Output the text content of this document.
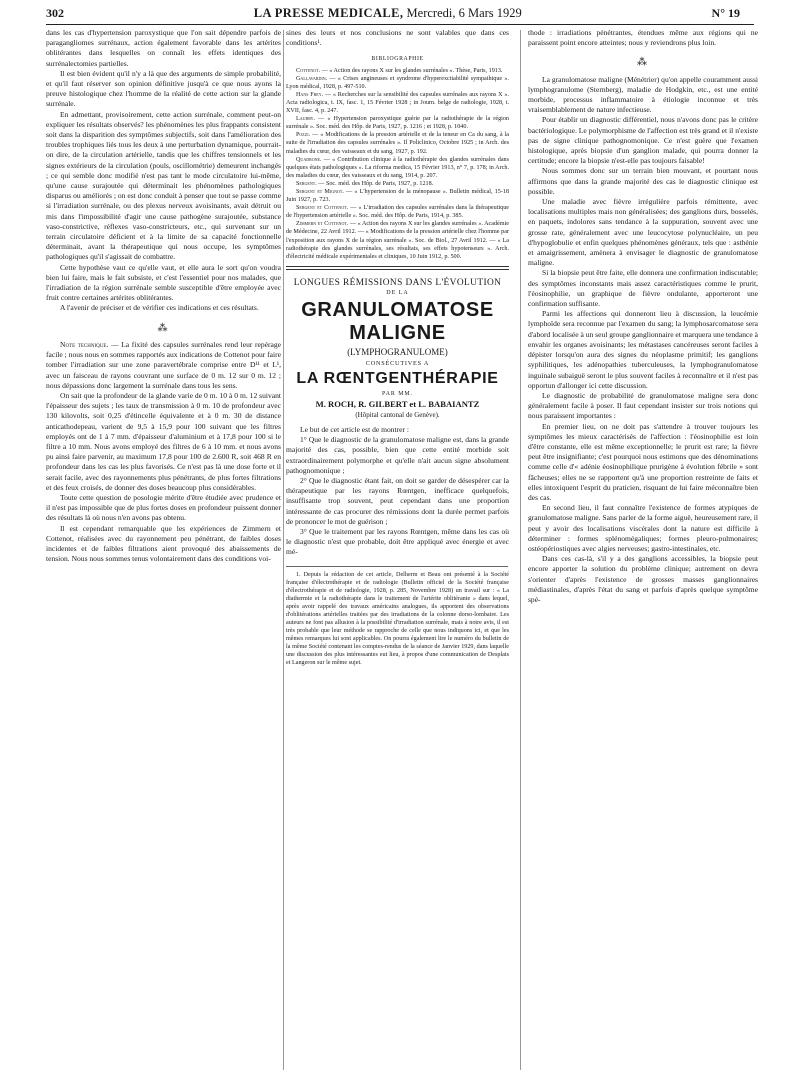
302	LA PRESSE MEDICALE, Mercredi, 6 Mars 1929	N° 19

dans les cas d'hypertension paroxystique que l'on sait dépendre parfois de paragangliomes surrénaux, action également favorable dans les artérites oblitérantes dans lesquelles on connaît les effets identiques des surrénalectomies partielles.

Il est bien évident qu'il n'y a là que des arguments de simple probabilité, et qu'il faut réserver son opinion définitive jusqu'à ce que nous ayons la preuve histologique chez l'homme de la réalité de cette action sur la glande surrénale.

En admettant, provisoirement, cette action surrénale, comment peut-on expliquer les résultats observés? les phénomènes les plus frappants consistent soit dans la disparition des symptômes subjectifs, soit dans l'amélioration des troubles trophiques liés tous les deux à une perturbation dynamique, pourrait-on dire, de la circulation artérielle, tandis que les chiffres tensionnels et les signes extérieurs de la circulation (pouls, oscillométrie) demeurent inchangés ; ce qui semble donc modifié n'est pas tant le mode circulatoire lui-même, qu'une cause surajoutée qui déterminait les phénomènes pathologiques disparus ou améliorés ; on est donc conduit à penser que tout se passe comme si l'irradiation surrénale, ou des plexus nerveux avoisinants, avait détruit ou mis dans l'impossibilité d'agir une cause pathogène surajoutée, substance vaso-constrictive, réflexes vaso-constricteurs, etc., qui survenant sur un terrain circulatoire déficient et à la limite de sa capacité fonctionnelle déterminait, avant la thérapeutique qui nous occupe, les symptômes pathologiques qu'il s'agissait de combattre.

Cette hypothèse vaut ce qu'elle vaut, et elle aura le sort qu'on voudra bien lui faire, mais le fait subsiste, et c'est l'essentiel pour nos malades, que l'irradiation de la région surrénale semble susceptible d'être employée avec fruit contre certaines artérites oblitérantes.

A l'avenir de préciser et de vérifier ces indications et ces résultats.

⁂

Note technique. — La fixité des capsules surrénales rend leur repérage facile ; nous nous en sommes rapportés aux indications de Cottenot pour faire tomber l'irradiation sur une zone paravertébrale comprise entre D¹¹ et L¹, avec un faisceau de rayons couvrant une surface de 0 m. 12 sur 0 m. 12 ; nous dépassions donc largement la surrénale dans tous les sens.

On sait que la profondeur de la glande varie de 0 m. 10 à 0 m. 12 suivant l'épaisseur des sujets ; les taux de transmission à 0 m. 10 de profondeur avec 130 kilovolts, soit 0,25 d'étincelle équivalente et à 0 m. 30 de distance anticathodepeau, varient de 9,5 à 15,9 pour 100 suivant que les filtres employés ont de 1 à 7 mm. d'épaisseur d'aluminium et à 17,8 pour 100 si le filtre a 10 mm. Nous avons employé des filtres de 6 à 10 mm. et nous avons pu ainsi faire parvenir, au maximum 17,8 pour 100 de 2.600 R, soit 468 R en profondeur dans les cas les plus favorisés. Ce n'est pas là une dose forte et il serait facile, avec des rayonnements plus pénétrants, de plus fortes filtrations et des feux croisés, de donner des doses beaucoup plus considérables.

Toute cette question de posologie mérite d'être étudiée avec prudence et il n'est pas impossible que de plus fortes doses en profondeur puissent donner des résultats là où nous n'en avons pas obtenu.

Il est cependant remarquable que les expériences de Zimmern et Cottenot, réalisées avec du rayonnement peu pénétrant, de faibles doses incidentes et de faibles filtrations aient provoqué des abaissements de tension. Nous nous sommes tenus volontairement dans des conditions voi-

sines des leurs et nos conclusions ne sont valables que dans ces conditions¹.

BIBLIOGRAPHIE

Cottenot. — « Action des rayons X sur les glandes surrénales ». Thèse, Paris, 1913.

Gallavardin. — « Crises angineuses et syndrome d'hyperexcitabilité sympathique ». Lyon médical, 1928, p. 497-510.

Hans Frey. — « Recherches sur la sensibilité des capsules surrénales aux rayons X ». Acta radiologica, t. IX, fasc. 1, 15 Février 1928 ; in Journ. belge de radiologie, 1928, t. XVII, fasc. 4, p. 247.

Laubry. — « Hypertension paroxystique guérie par la radiothérapie de la région surrénale ». Soc. méd. des Hôp. de Paris, 1927, p. 1216 ; et 1928, p. 1040.

Pozzi. — « Modifications de la pression artérielle et de la teneur en Ca du sang, à la suite de l'irradiation des capsules surrénales ». Il Policlinico, Octobre 1925 ; in Arch. des maladies du cœur, des vaisseaux et du sang, 1927, p. 192.

Quadrone. — « Contribution clinique à la radiothérapie des glandes surrénales dans quelques états pathologiques ». La riforma medica, 15 Février 1913, n° 7, p. 178; in Arch. des maladies du cœur, des vaisseaux et du sang, 1914, p. 207.

Sergent. — Soc. méd. des Hôp. de Paris, 1927, p. 1218.

Sergent et Mignot. — « L'hypertension de la ménopause ». Bulletin médical, 15-18 Juin 1927, p. 723.

Sergent et Cottenot. — « L'irradiation des capsules surrénales dans la thérapeutique de l'hypertension artérielle ». Soc. méd. des Hôp. de Paris, 1914, p. 385.

Zimmern et Cottenot. — « Action des rayons X sur les glandes surrénales ». Académie de Médecine, 22 Avril 1912. — « Modifications de la pression artérielle chez l'homme par l'exposition aux rayons X de la région surrénale ». Soc. de Biol., 27 Avril 1912. — « La radiothérapie des glandes surrénales, ses résultats, ses effets hypotenseurs ». Arch. d'électricité médicale expérimentales et cliniques, 10 Juin 1912, p. 500.

LONGUES RÉMISSIONS DANS L'ÉVOLUTION
DE LA
GRANULOMATOSE MALIGNE
(LYMPHOGRANULOME)
CONSÉCUTIVES A
LA RŒNTGENTHÉRAPIE
PAR MM.
M. ROCH, R. GILBERT et L. BABAIANTZ
(Hôpital cantonal de Genève).

Le but de cet article est de montrer :

1° Que le diagnostic de la granulomatose maligne est, dans la grande majorité des cas, possible, bien que cette entité morbide soit extraordinairement polymorphe et qu'elle n'ait aucun signe absolument pathognomonique ;

2° Que le diagnostic étant fait, on doit se garder de désespérer car la thérapeutique par les rayons Rœntgen, inefficace quelquefois, insuffisante trop souvent, peut cependant dans une proportion intéressante de cas procurer des rémissions dont la durée permet parfois de prononcer le mot de guérison ;

3° Que le traitement par les rayons Rœntgen, même dans les cas où le diagnostic n'est que probable, doit être appliqué avec énergie et avec mé-

1. Depuis la rédaction de cet article, Delherm et Beau ont présenté à la Société française d'électrothérapie et de radiologie (Bulletin officiel de la Société française d'électrothérapie et de radiologie, 1928, p. 285, Novembre 1928) un travail sur : « La diathermie et la radiothérapie dans le traitement de l'artérite oblitérante » dans lequel, après avoir rappelé des travaux américains analogues, ils apportent des observations d'oblitérations artérielles traitées par des irradiations de la colonne dorso-lombaire. Les auteurs ne font pas allusion à la possibilité d'irradiation surrénale, mais à notre avis, il est très probable que leur méthode se rapproche de celle que nous indiquons ici, et que les mêmes remarques lui sont applicables. On pourra également lire le numéro du bulletin de la même Société contenant les comptes-rendus de la séance de Janvier 1929, dans laquelle une discussion des plus intéressantes eut lieu, à propos d'une communication de Desplats et Langeron sur le même sujet.

thode : irradiations pénétrantes, étendues même aux régions qui ne paraissent point encore atteintes; nous y reviendrons plus loin.

⁂

La granulomatose maligne (Ménétrier) qu'on appelle couramment aussi lymphogranulome (Sternberg), maladie de Hodgkin, etc., est une entité morbide, processus inflammatoire à étiologie inconnue et très vraisemblablement de nature infectieuse.

Pour établir un diagnostic différentiel, nous n'avons donc pas le critère bactériologique. Le polymorphisme de l'affection est très grand et il n'existe pas de signe clinique pathognomonique. Ce n'est guère que l'examen histologique, après biopsie d'un ganglion malade, qui pourra donner la certitude; encore la biopsie n'est-elle pas toujours faisable!

Nous sommes donc sur un terrain bien mouvant, et pourtant nous affirmons que dans la grande majorité des cas le diagnostic clinique est possible.

Une maladie avec fièvre irrégulière parfois rémittente, avec localisations multiples mais non généralisées; des ganglions durs, bosselés, en paquets, indolores sans tendance à la suppuration, souvent avec une grosse rate, généralement avec une leucocytose polynucléaire, un peu d'hypoglobulie et enfin quelques phénomènes généraux, tels que : asthénie et amaigrissement, amènera à envisager le diagnostic de granulomatose maligne.

Si la biopsie peut être faite, elle donnera une confirmation indiscutable; des symptômes inconstants mais assez caractéristiques comme le prurit, l'éosinophilie, un graphique de fièvre ondulante, apporteront une confirmation suffisante.

Parmi les affections qui donneront lieu à discussion, la leucémie lymphoïde sera reconnue par l'examen du sang; la lymphosarcomatose sera d'abord localisée à un seul groupe ganglionnaire et marquera une tendance à envahir les organes avoisinants; les métastases cancéreuses seront faciles à dépister lorsqu'on aura des signes du néoplasme primitif; les ganglions syphilitiques, les adénopathies tuberculeuses, la lymphogranulomatose inguinale subaiguë seront le plus souvent faciles à reconnaître et il n'est pas opportun d'allonger ici cette discussion.

Le diagnostic de probabilité de granulomatose maligne sera donc généralement facile à poser. Il faut cependant insister sur trois notions qui nous paraissent importantes :

En premier lieu, on ne doit pas s'attendre à trouver toujours les symptômes les mieux caractérisés de l'affection : l'éosinophilie est loin d'être constante, elle est même exceptionnelle; le prurit est rare; la fièvre peut être insignifiante; c'est pourquoi nous estimons que des dénominations comme celle d'« adénie éosinophilique prurigène à évolution fébrile » sont fâcheuses; elles ne se rapportent qu'à une proportion restreinte de faits et elles intoxiquent l'esprit du praticien, risquant de lui faire méconnaître bien des cas.

En second lieu, il faut connaître l'existence de formes atypiques de granulomatose maligne. Sans parler de la forme aiguë, heureusement rare, il peut y avoir des localisations viscérales dont la nature est difficile à déterminer : formes splénomégaliques; formes pleuro-pulmonaires; ostéopériostiques avec algies nerveuses; gastro-intestinales, etc.

Dans ces cas-là, s'il y a des ganglions accessibles, la biopsie peut encore apporter la solution du problème clinique; autrement on devra s'orienter d'après l'existence de grosses masses ganglionnaires médiastinales, d'après l'état du sang et parfois d'après quelque symptôme spé-
